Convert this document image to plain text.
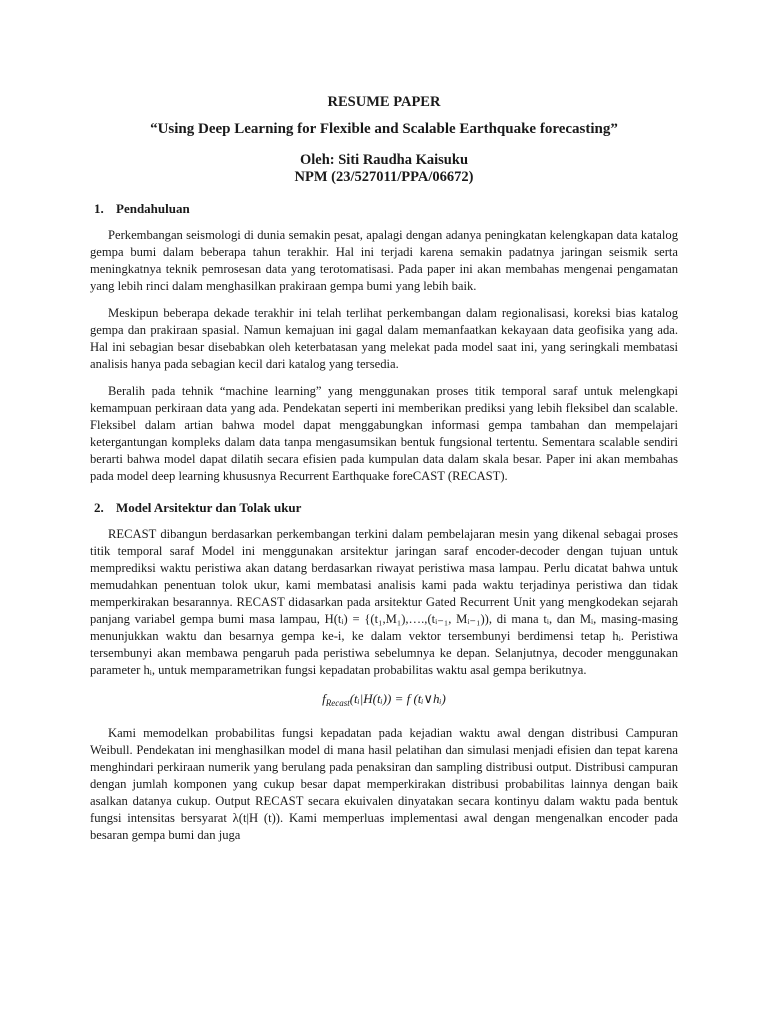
RESUME PAPER
“Using Deep Learning for Flexible and Scalable Earthquake forecasting”
Oleh: Siti Raudha Kaisuku
NPM (23/527011/PPA/06672)
1. Pendahuluan

Perkembangan seismologi di dunia semakin pesat, apalagi dengan adanya peningkatan kelengkapan data katalog gempa bumi dalam beberapa tahun terakhir. Hal ini terjadi karena semakin padatnya jaringan seismik serta meningkatnya teknik pemrosesan data yang terotomatisasi. Pada paper ini akan membahas mengenai pengamatan yang lebih rinci dalam menghasilkan prakiraan gempa bumi yang lebih baik.

Meskipun beberapa dekade terakhir ini telah terlihat perkembangan dalam regionalisasi, koreksi bias katalog gempa dan prakiraan spasial. Namun kemajuan ini gagal dalam memanfaatkan kekayaan data geofisika yang ada. Hal ini sebagian besar disebabkan oleh keterbatasan yang melekat pada model saat ini, yang seringkali membatasi analisis hanya pada sebagian kecil dari katalog yang tersedia.

Beralih pada tehnik “machine learning” yang menggunakan proses titik temporal saraf untuk melengkapi kemampuan perkiraan data yang ada. Pendekatan seperti ini memberikan prediksi yang lebih fleksibel dan scalable. Fleksibel dalam artian bahwa model dapat menggabungkan informasi gempa tambahan dan mempelajari ketergantungan kompleks dalam data tanpa mengasumsikan bentuk fungsional tertentu. Sementara scalable sendiri berarti bahwa model dapat dilatih secara efisien pada kumpulan data dalam skala besar. Paper ini akan membahas pada model deep learning khususnya Recurrent Earthquake foreCAST (RECAST).

2. Model Arsitektur dan Tolak ukur

RECAST dibangun berdasarkan perkembangan terkini dalam pembelajaran mesin yang dikenal sebagai proses titik temporal saraf Model ini menggunakan arsitektur jaringan saraf encoder-decoder dengan tujuan untuk memprediksi waktu peristiwa akan datang berdasarkan riwayat peristiwa masa lampau. Perlu dicatat bahwa untuk memudahkan penentuan tolok ukur, kami membatasi analisis kami pada waktu terjadinya peristiwa dan tidak memperkirakan besarannya. RECAST didasarkan pada arsitektur Gated Recurrent Unit yang mengkodekan sejarah panjang variabel gempa bumi masa lampau, H(tᵢ) = {(t₁,M₁),….,(tᵢ₋₁, Mᵢ₋₁)), di mana tᵢ, dan Mᵢ, masing-masing menunjukkan waktu dan besarnya gempa ke-i, ke dalam vektor tersembunyi berdimensi tetap hᵢ. Peristiwa tersembunyi akan membawa pengaruh pada peristiwa sebelumnya ke depan. Selanjutnya, decoder menggunakan parameter hᵢ, untuk memparametrikan fungsi kepadatan probabilitas waktu asal gempa berikutnya.

$f_{Recast}(tᵢ|H(tᵢ)) = f$ (tᵢ∨hᵢ)

Kami memodelkan probabilitas fungsi kepadatan pada kejadian waktu awal dengan distribusi Campuran Weibull. Pendekatan ini menghasilkan model di mana hasil pelatihan dan simulasi menjadi efisien dan tepat karena menghindari perkiraan numerik yang berulang pada penaksiran dan sampling distribusi output. Distribusi campuran dengan jumlah komponen yang cukup besar dapat memperkirakan distribusi probabilitas lainnya dengan baik asalkan datanya cukup. Output RECAST secara ekuivalen dinyatakan secara kontinyu dalam waktu pada bentuk fungsi intensitas bersyarat λ(t|H (t)). Kami memperluas implementasi awal dengan mengenalkan encoder pada besaran gempa bumi dan juga
